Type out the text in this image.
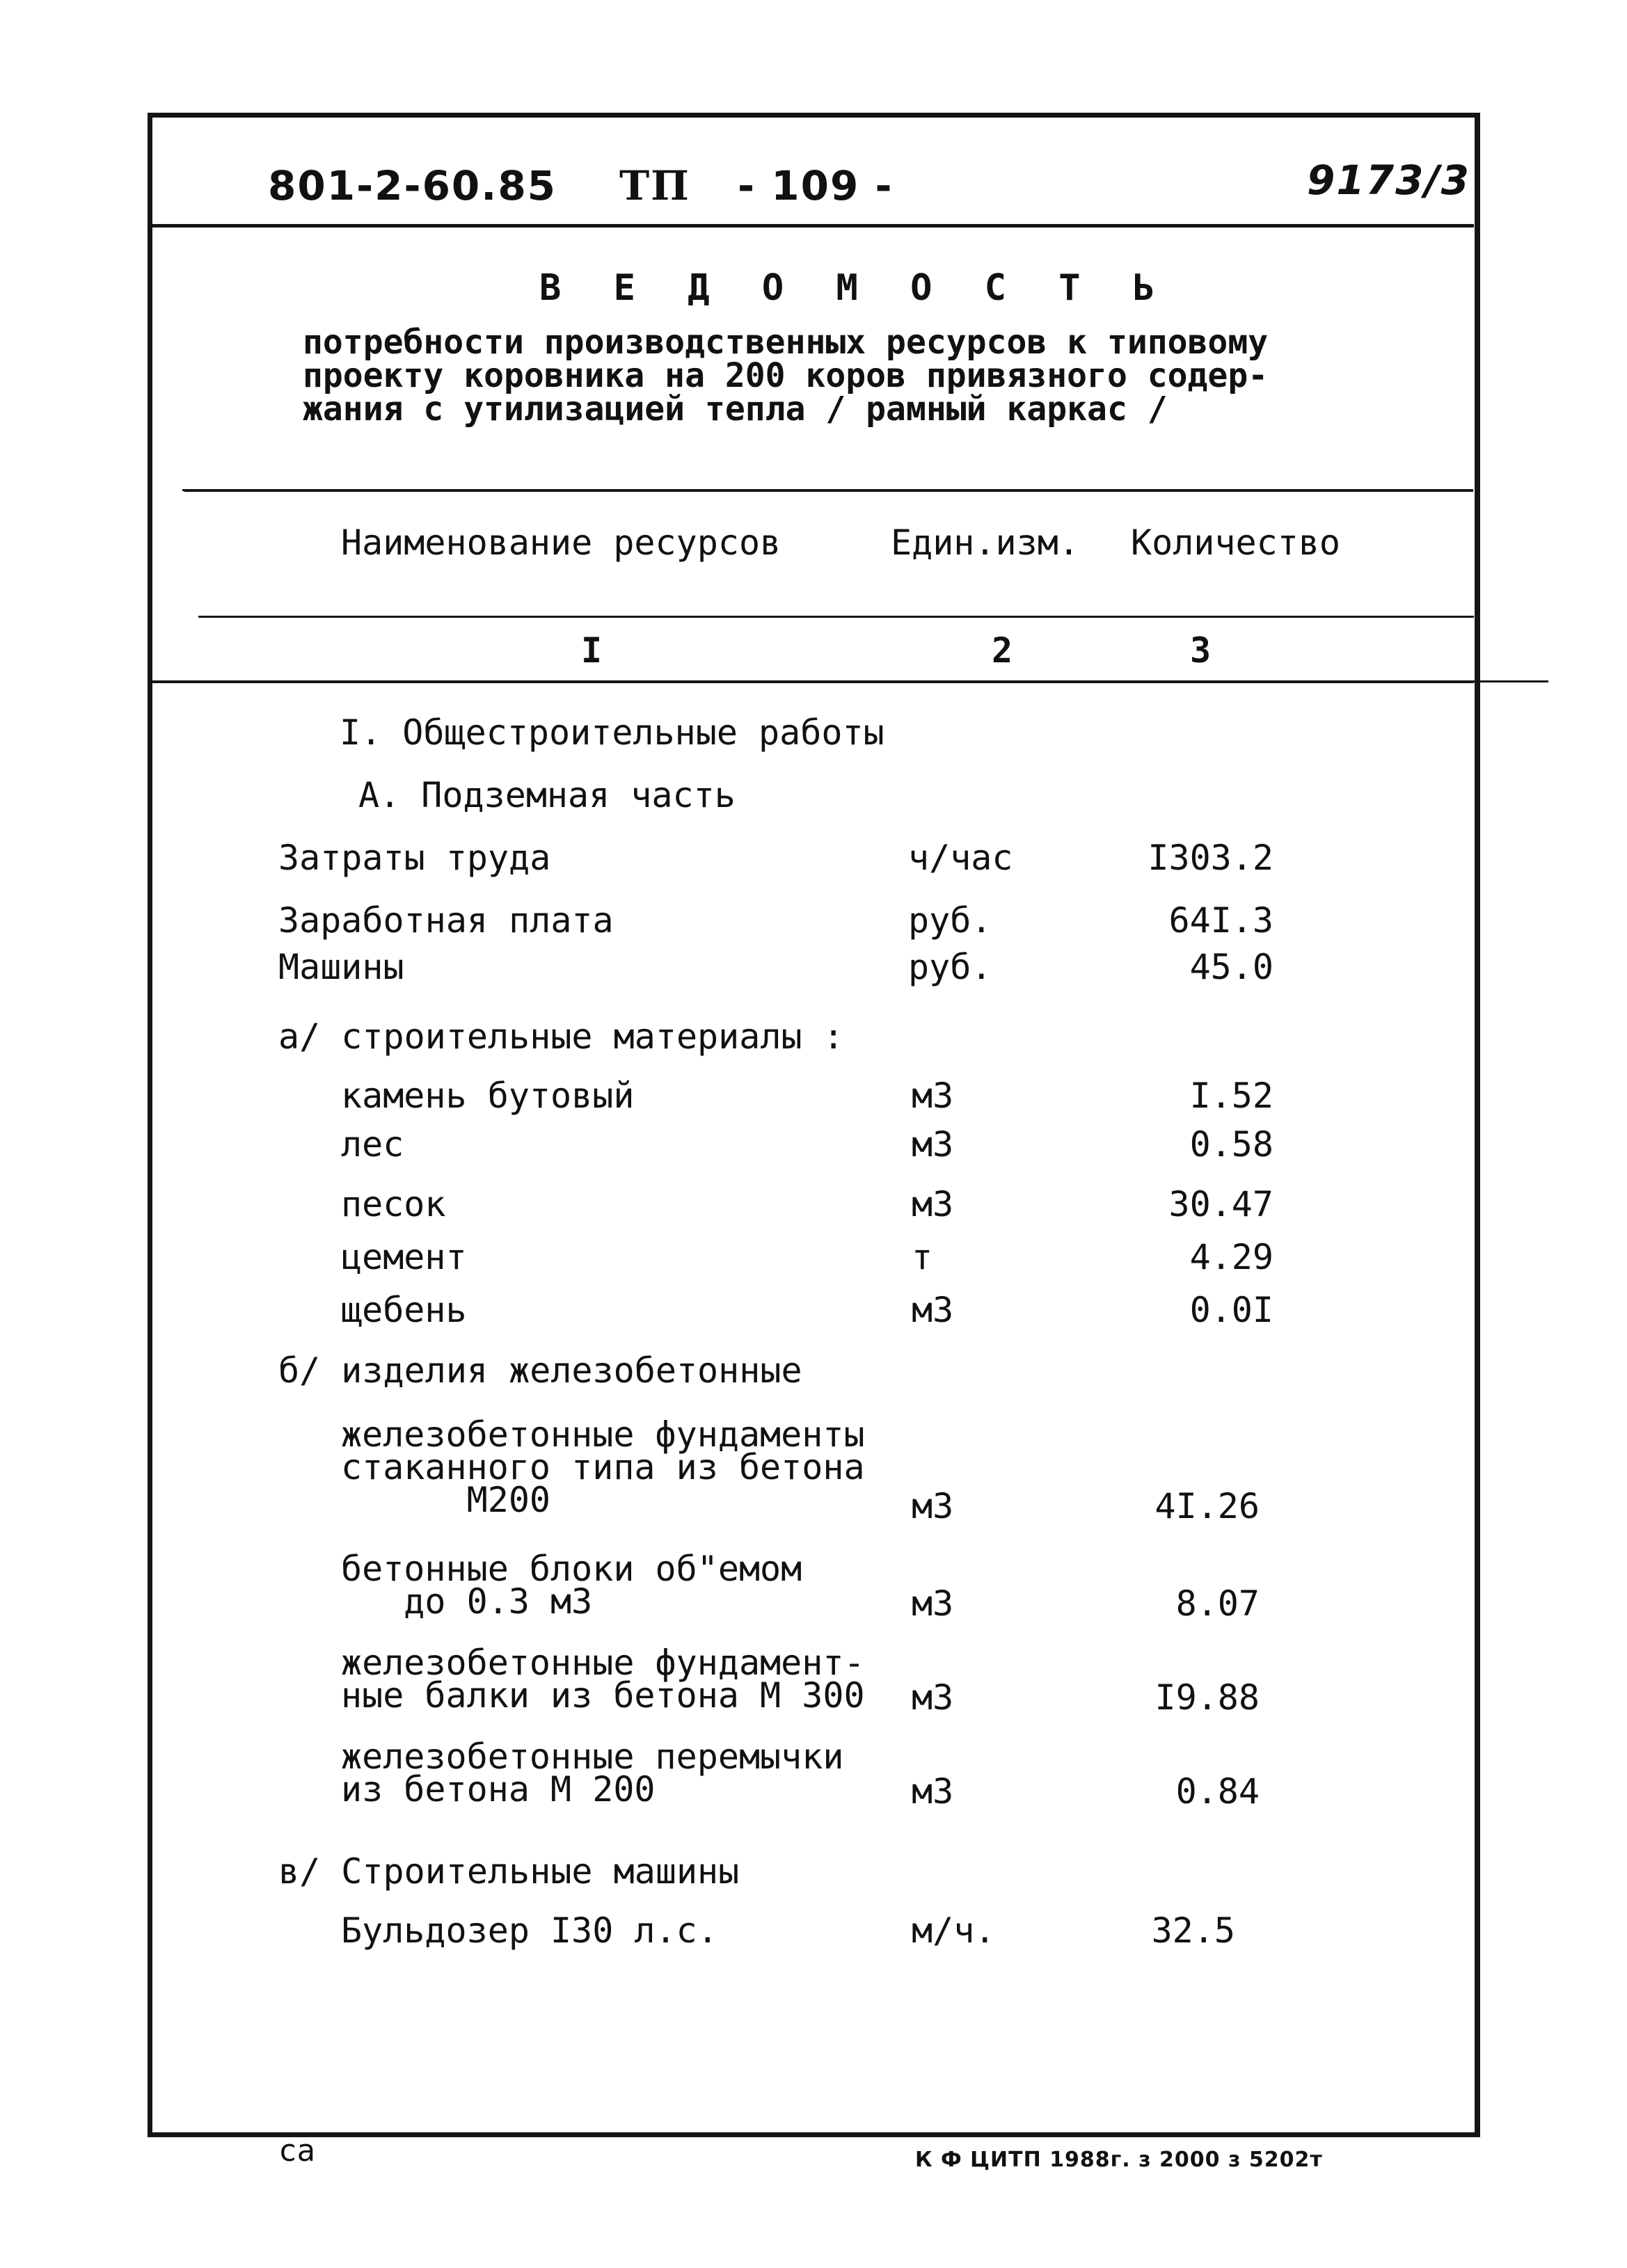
801-2-60.85 ТП - 109 -	9173/3
В Е Д О М О С Т Ь
потребности производственных ресурсов к типовому
проекту коровника на 200 коров привязного содер-
жания с утилизацией тепла / рамный каркас /
Наименование ресурсов	Един.изм. Количество
I	2	3
I. Общестроительные работы
А. Подземная часть
Затраты труда	ч/час	I303.2
Заработная плата	руб.	64I.3
Машины	руб.	45.0
а/ строительные материалы :
камень бутовый	м3	I.52
лес	м3	0.58
песок	м3	30.47
цемент	т	4.29
щебень	м3	0.0I
б/ изделия железобетонные
железобетонные фундаменты
стаканного типа из бетона
М200	м3	4I.26
бетонные блоки об"емом
до 0.3 м3	м3	8.07
железобетонные фундамент-
ные балки из бетона М 300 м3	I9.88
железобетонные перемычки
из бетона М 200	м3	0.84
в/ Строительные машины
Бульдозер I30 л.с.	м/ч.	32.5
са	К Ф ЦИТП 1988г. з 2000 з 5202т
